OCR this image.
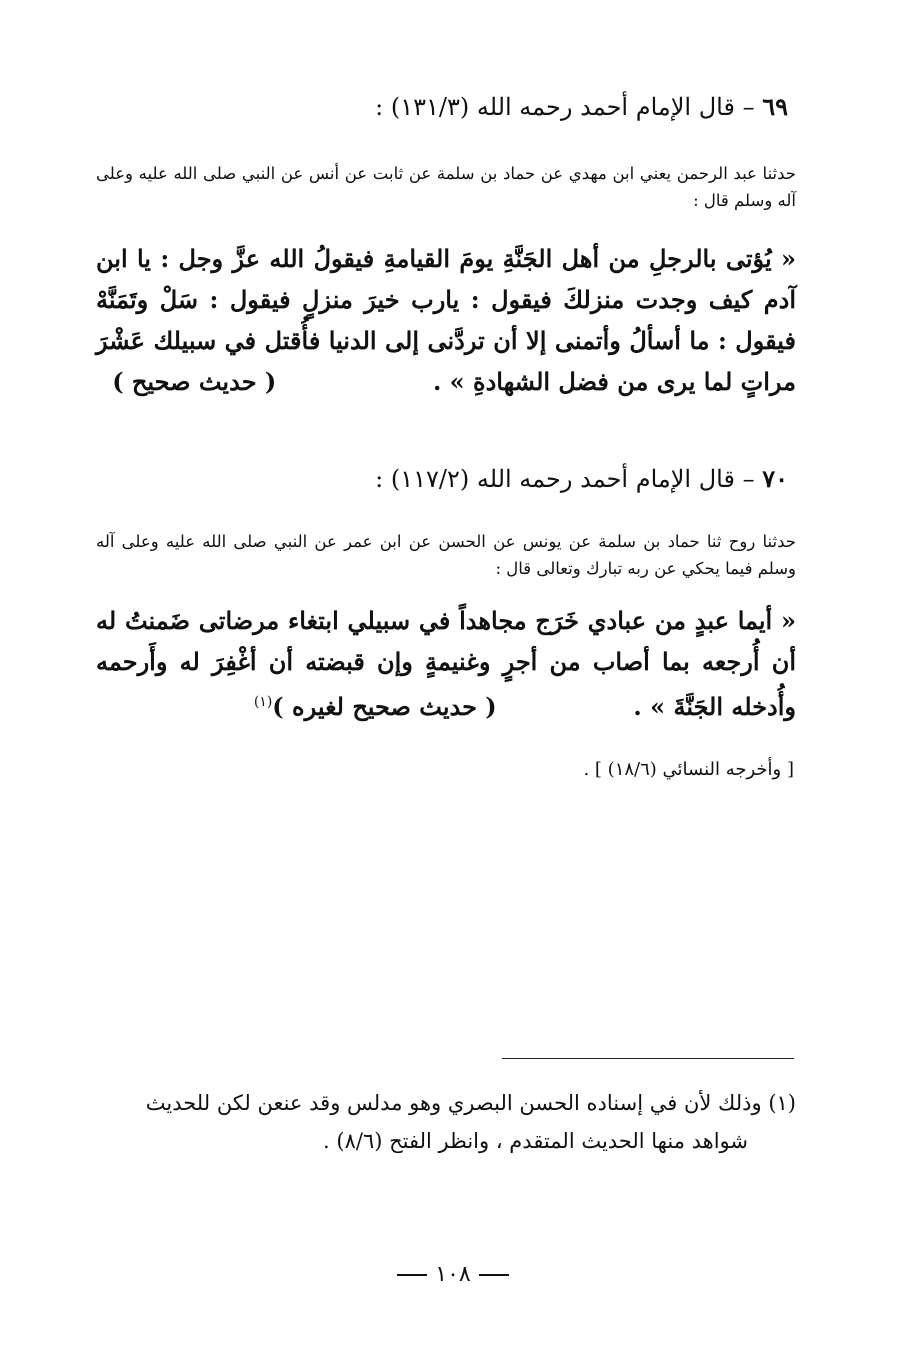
٦٩ – قال الإمام أحمد رحمه الله (١٣١/٣) :
حدثنا عبد الرحمن يعني ابن مهدي عن حماد بن سلمة عن ثابت عن أنس عن النبي صلى الله عليه وعلى آله وسلم قال :
« يُؤتى بالرجلِ من أهل الجَنَّةِ يومَ القيامةِ فيقولُ الله عزَّ وجل : يا ابن آدم كيف وجدت منزلكَ فيقول : يارب خيرَ منزلٍ فيقول : سَلْ وتَمَنَّهْ فيقول : ما أسألُ وأتمنى إلا أن تردَّنى إلى الدنيا فأُقتل في سبيلك عَشْرَ مراتٍ لما يرى من فضل الشهادةِ » .  ( حديث صحيح )
٧٠ – قال الإمام أحمد رحمه الله (١١٧/٢) :
حدثنا روح ثنا حماد بن سلمة عن يونس عن الحسن عن ابن عمر عن النبي صلى الله عليه وعلى آله وسلم فيما يحكي عن ربه تبارك وتعالى قال :
« أيما عبدٍ من عبادي خَرَج مجاهداً في سبيلي ابتغاء مرضاتى ضَمنتُ له أن أُرجعه بما أصاب من أجرٍ وغنيمةٍ وإن قبضته أن أغْفِرَ له وأَرحمه وأُدخله الجَنَّةَ » .  ( حديث صحيح لغيره )$^{(١)}$
[ وأخرجه النسائي (١٨/٦) ] .
(١) وذلك لأن في إسناده الحسن البصري وهو مدلس وقد عنعن لكن للحديث
شواهد منها الحديث المتقدم ، وانظر الفتح (٨/٦) .
١٠٨
